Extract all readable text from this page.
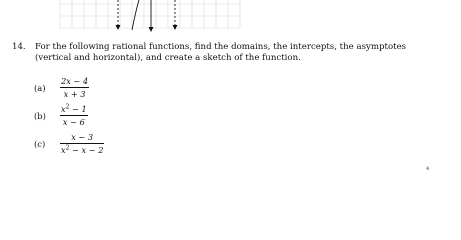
14. For the following rational functions, find the domains, the intercepts, the asymptotes
(vertical and horizontal), and create a sketch of the function.
(a)
2x − 4
x + 3
(b)
$x^2 - 1$
x − 6
(c)
x − 3
$x^2 - x - 2$
4
